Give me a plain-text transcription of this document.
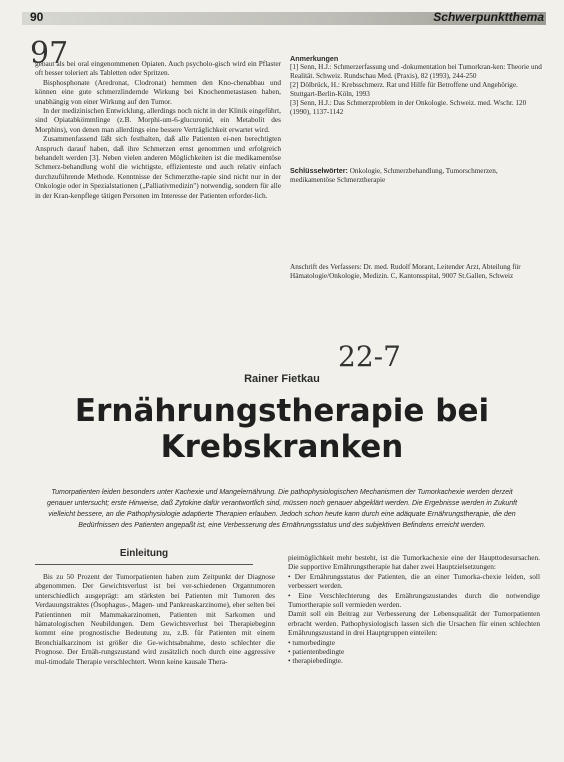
90	Schwerpunktthema
97

gebaut als bei oral eingenommenen Opiaten. Auch psycholo-gisch wird ein Pflaster oft besser toleriert als Tabletten oder Spritzen.

Bisphosphonate (Aredronat, Clodronat) hemmen den Kno-chenabbau und können eine gute schmerzlindernde Wirkung bei Knochenmetastasen haben, unabhängig von einer Wirkung auf den Tumor.

In der medizinischen Entwicklung, allerdings noch nicht in der Klinik eingeführt, sind Opiatabkömmlinge (z.B. Morphi-um-6-glucuronid, ein Metabolit des Morphins), von denen man allerdings eine bessere Verträglichkeit erwartet wird.

Zusammenfassend läßt sich festhalten, daß alle Patienten ei-nen berechtigten Anspruch darauf haben, daß ihre Schmerzen ernst genommen und erfolgreich behandelt werden [3]. Neben vielen anderen Möglichkeiten ist die medikamentöse Schmerz-behandlung wohl die wichtigste, effizienteste und auch relativ einfach durchzuführende Methode. Kenntnisse der Schmerzthe-rapie sind nicht nur in der Onkologie oder in Spezialstationen („Palliativmedizin") notwendig, sondern für alle in der Kran-kenpflege tätigen Personen im Interesse der Patienten erforder-lich.

Anmerkungen
[1] Senn, H.J.: Schmerzerfassung und -dokumentation bei Tumorkran-ken: Theorie und Realität. Schweiz. Rundschau Med. (Praxis), 82 (1993), 244-250
[2] Dölbrück, H.: Krebsschmerz. Rat und Hilfe für Betroffene und Angehörige. Stuttgart-Berlin-Köln, 1993
[3] Senn, H.J.: Das Schmerzproblem in der Onkologie. Schweiz. med. Wschr. 120 (1990), 1137-1142
Schlüsselwörter: Onkologie, Schmerzbehandlung, Tumorschmerzen, medikamentöse Schmerztherapie
Anschrift des Verfassers: Dr. med. Rudolf Morant, Leitender Arzt, Abteilung für Hämatologie/Onkologie, Medizin. C, Kantonsspital, 9007 St.Gallen, Schweiz
22-7
Rainer Fietkau
Ernährungstherapie bei
Krebskranken
Tumorpatienten leiden besonders unter Kachexie und Mangelernährung. Die pathophysiologischen Mechanismen der Tumorkachexie werden derzeit genauer untersucht; erste Hinweise, daß Zytokine dafür verantwortlich sind, müssen noch genauer abgeklärt werden. Die Ergebnisse werden in Zukunft vielleicht bessere, an die Pathophysiologie adaptierte Therapien erlauben. Jedoch schon heute kann durch eine adäquate Ernährungstherapie, die den Bedürfnissen des Patienten angepaßt ist, eine Verbesserung des Ernährungsstatus und des subjektiven Befindens erreicht werden.
Einleitung

Bis zu 50 Prozent der Tumorpatienten haben zum Zeitpunkt der Diagnose abgenommen. Der Gewichtsverlust ist bei ver-schiedenen Organtumoren unterschiedlich ausgeprägt: am stärksten bei Patienten mit Tumoren des Verdauungstraktes (Ösophagus-, Magen- und Pankreaskarzinome), eher selten bei Patientinnen mit Mammakarzinomen, Patienten mit Sarkomen und hämatologischen Neubildungen. Dem Gewichtsverlust bei Therapiebeginn kommt eine prognostische Bedeutung zu, z.B. für Patienten mit einem Bronchialkarzinom ist größer die Ge-wichtsabnahme, desto schlechter die Prognose. Der Ernäh-rungszustand wird zusätzlich noch durch eine aggressive mul-timodale Therapie verschlechtert. Wenn keine kausale Thera-

pieimöglichkeit mehr besteht, ist die Tumorkachexie eine der Haupttodesursachen. Die supportive Ernährungstherapie hat daher zwei Hauptzielsetzungen:

• Der Ernährungsstatus der Patienten, die an einer Tumorka-chexie leiden, soll verbessert werden.
• Eine Verschlechterung des Ernährungszustandes durch die notwendige Tumortherapie soll vermieden werden.

Damit soll ein Beitrag zur Verbesserung der Lebensqualität der Tumorpatienten erbracht werden. Pathophysiologisch lassen sich die Ursachen für einen schlechten Ernährungszustand in drei Hauptgruppen einteilen:

• tumorbedingte
• patientenbedingte
• therapiebedingte.
